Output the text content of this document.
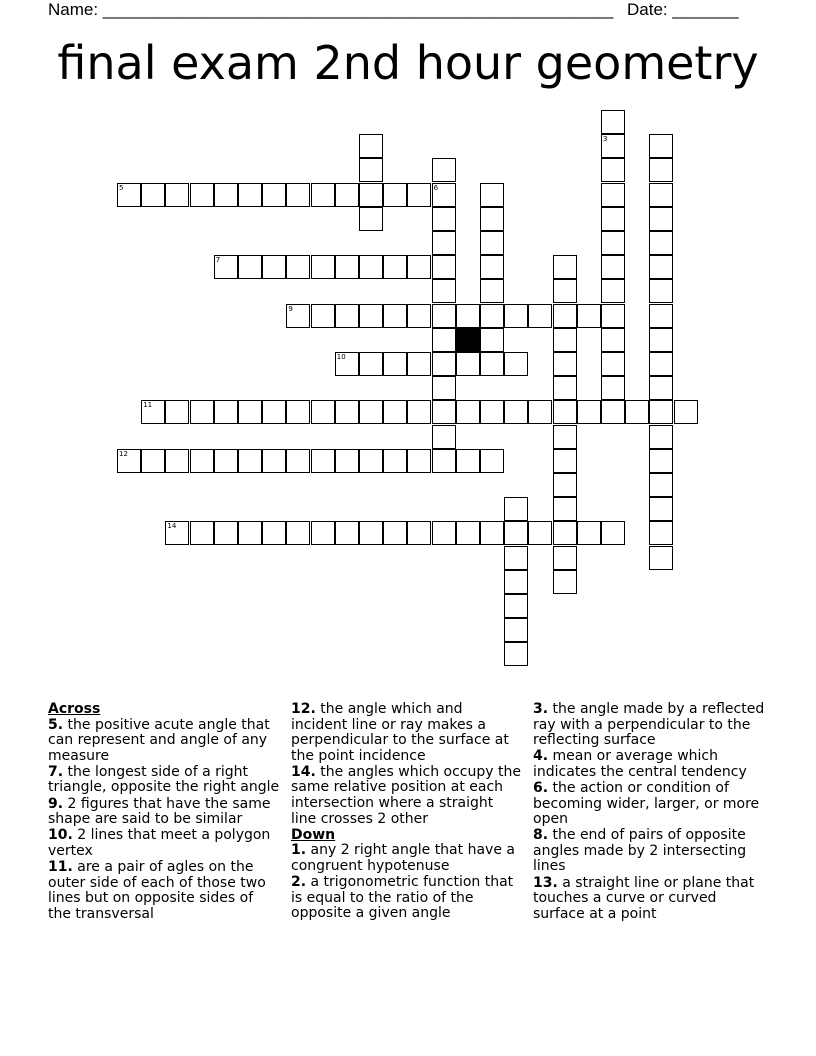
Name: ______________________________________________________ Date: _______
final exam 2nd hour geometry
5	6
7
9
10
11
12
14
3
Across
5. the positive acute angle that can represent and angle of any measure
7. the longest side of a right triangle, opposite the right angle
9. 2 figures that have the same shape are said to be similar
10. 2 lines that meet a polygon vertex
11. are a pair of agles on the outer side of each of those two lines but on opposite sides of the transversal
12. the angle which and incident line or ray makes a perpendicular to the surface at the point incidence
14. the angles which occupy the same relative position at each intersection where a straight line crosses 2 other
Down
1. any 2 right angle that have a congruent hypotenuse
2. a trigonometric function that is equal to the ratio of the opposite a given angle
3. the angle made by a reflected ray with a perpendicular to the reflecting surface
4. mean or average which indicates the central tendency
6. the action or condition of becoming wider, larger, or more open
8. the end of pairs of opposite angles made by 2 intersecting lines
13. a straight line or plane that touches a curve or curved surface at a point
